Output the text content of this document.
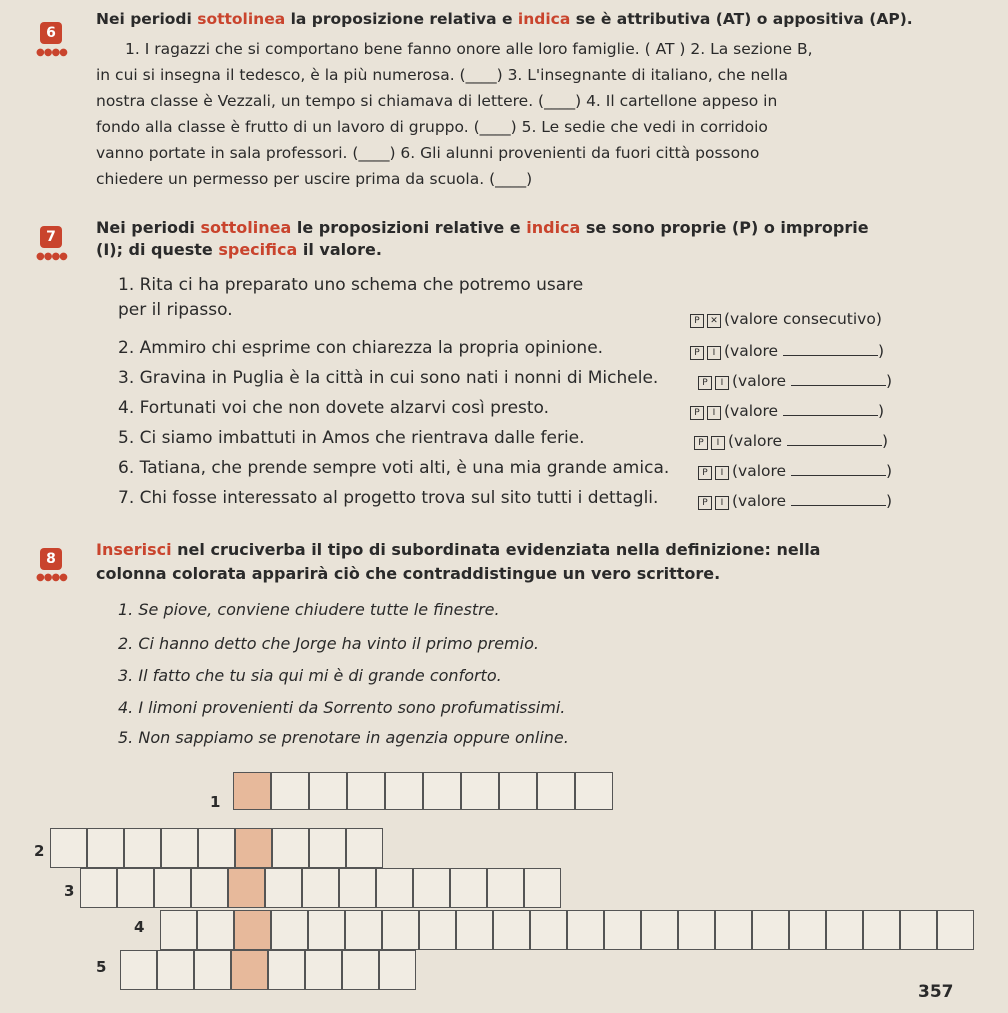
6
●●●●
Nei periodi sottolinea la proposizione relativa e indica se è attributiva (AT) o appositiva (AP).
1. I ragazzi che si comportano bene fanno onore alle loro famiglie. ( AT ) 2. La sezione B,
in cui si insegna il tedesco, è la più numerosa. (____) 3. L'insegnante di italiano, che nella
nostra classe è Vezzali, un tempo si chiamava di lettere. (____) 4. Il cartellone appeso in
fondo alla classe è frutto di un lavoro di gruppo. (____) 5. Le sedie che vedi in corridoio
vanno portate in sala professori. (____) 6. Gli alunni provenienti da fuori città possono
chiedere un permesso per uscire prima da scuola. (____)
7
●●●●
Nei periodi sottolinea le proposizioni relative e indica se sono proprie (P) o improprie
(I); di queste specifica il valore.
1. Rita ci ha preparato uno schema che potremo usare
per il ripasso.
P ✕ (valore consecutivo)
2. Ammiro chi esprime con chiarezza la propria opinione.	P I (valore	)
3. Gravina in Puglia è la città in cui sono nati i nonni di Michele.	P I (valore	)
4. Fortunati voi che non dovete alzarvi così presto.	P I (valore	)
5. Ci siamo imbattuti in Amos che rientrava dalle ferie.	P I (valore	)
6. Tatiana, che prende sempre voti alti, è una mia grande amica.	P I (valore	)
7. Chi fosse interessato al progetto trova sul sito tutti i dettagli.	P I (valore	)
8
●●●●
Inserisci nel cruciverba il tipo di subordinata evidenziata nella definizione: nella
colonna colorata apparirà ciò che contraddistingue un vero scrittore.
1. Se piove, conviene chiudere tutte le finestre.
2. Ci hanno detto che Jorge ha vinto il primo premio.
3. Il fatto che tu sia qui mi è di grande conforto.
4. I limoni provenienti da Sorrento sono profumatissimi.
5. Non sappiamo se prenotare in agenzia oppure online.
1
2
3
4
5
357
